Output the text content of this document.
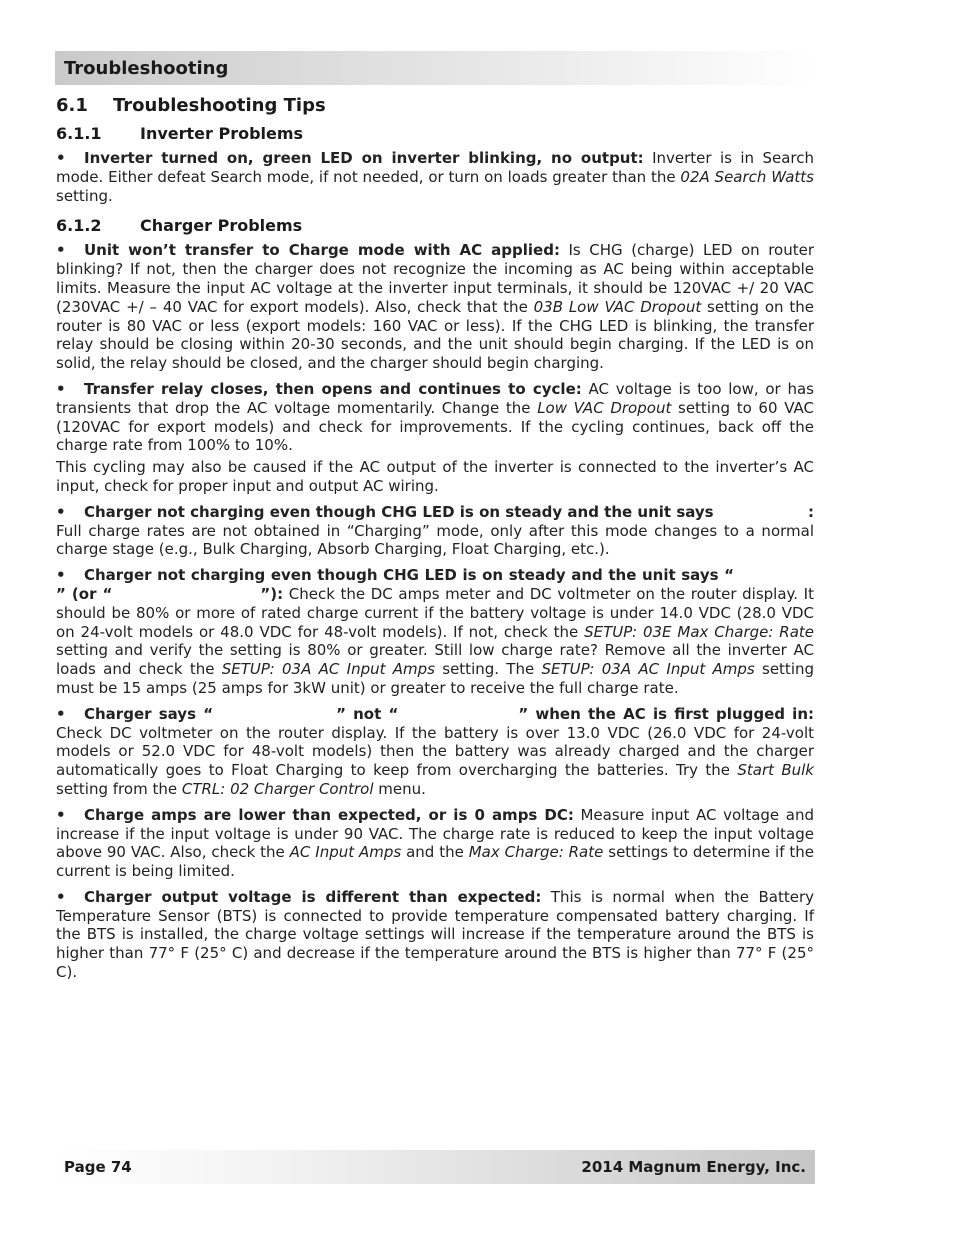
Troubleshooting
6.1 Troubleshooting Tips
6.1.1 Inverter Problems

• Inverter turned on, green LED on inverter blinking, no output: Inverter is in Search mode. Either defeat Search mode, if not needed, or turn on loads greater than the 02A Search Watts setting.

6.1.2 Charger Problems

• Unit won’t transfer to Charge mode with AC applied: Is CHG (charge) LED on router blinking? If not, then the charger does not recognize the incoming as AC being within acceptable limits. Measure the input AC voltage at the inverter input terminals, it should be 120VAC +/ 20 VAC (230VAC +/ – 40 VAC for export models). Also, check that the 03B Low VAC Dropout setting on the router is 80 VAC or less (export models: 160 VAC or less). If the CHG LED is blinking, the transfer relay should be closing within 20-30 seconds, and the unit should begin charging. If the LED is on solid, the relay should be closed, and the charger should begin charging.

• Transfer relay closes, then opens and continues to cycle: AC voltage is too low, or has transients that drop the AC voltage momentarily. Change the Low VAC Dropout setting to 60 VAC (120VAC for export models) and check for improvements. If the cycling continues, back off the charge rate from 100% to 10%.

This cycling may also be caused if the AC output of the inverter is connected to the inverter’s AC input, check for proper input and output AC wiring.

• Charger not charging even though CHG LED is on steady and the unit says	:
Full charge rates are not obtained in “Charging” mode, only after this mode changes to a normal charge stage (e.g., Bulk Charging, Absorb Charging, Float Charging, etc.).

• Charger not charging even though CHG LED is on steady and the unit says “” (or “	”): Check the DC amps meter and DC voltmeter on the router display. It should be 80% or more of rated charge current if the battery voltage is under 14.0 VDC (28.0 VDC on 24-volt models or 48.0 VDC for 48-volt models). If not, check the SETUP: 03E Max Charge: Rate setting and verify the setting is 80% or greater. Still low charge rate? Remove all the inverter AC loads and check the SETUP: 03A AC Input Amps setting. The SETUP: 03A AC Input Amps setting must be 15 amps (25 amps for 3kW unit) or greater to receive the full charge rate.

• Charger says “	” not “	” when the AC is first plugged in: Check DC voltmeter on the router display. If the battery is over 13.0 VDC (26.0 VDC for 24-volt models or 52.0 VDC for 48-volt models) then the battery was already charged and the charger automatically goes to Float Charging to keep from overcharging the batteries. Try the Start Bulk setting from the CTRL: 02 Charger Control menu.

• Charge amps are lower than expected, or is 0 amps DC: Measure input AC voltage and increase if the input voltage is under 90 VAC. The charge rate is reduced to keep the input voltage above 90 VAC. Also, check the AC Input Amps and the Max Charge: Rate settings to determine if the current is being limited.

• Charger output voltage is different than expected: This is normal when the Battery Temperature Sensor (BTS) is connected to provide temperature compensated battery charging. If the BTS is installed, the charge voltage settings will increase if the temperature around the BTS is higher than 77° F (25° C) and decrease if the temperature around the BTS is higher than 77° F (25° C).

Page 74	2014 Magnum Energy, Inc.
